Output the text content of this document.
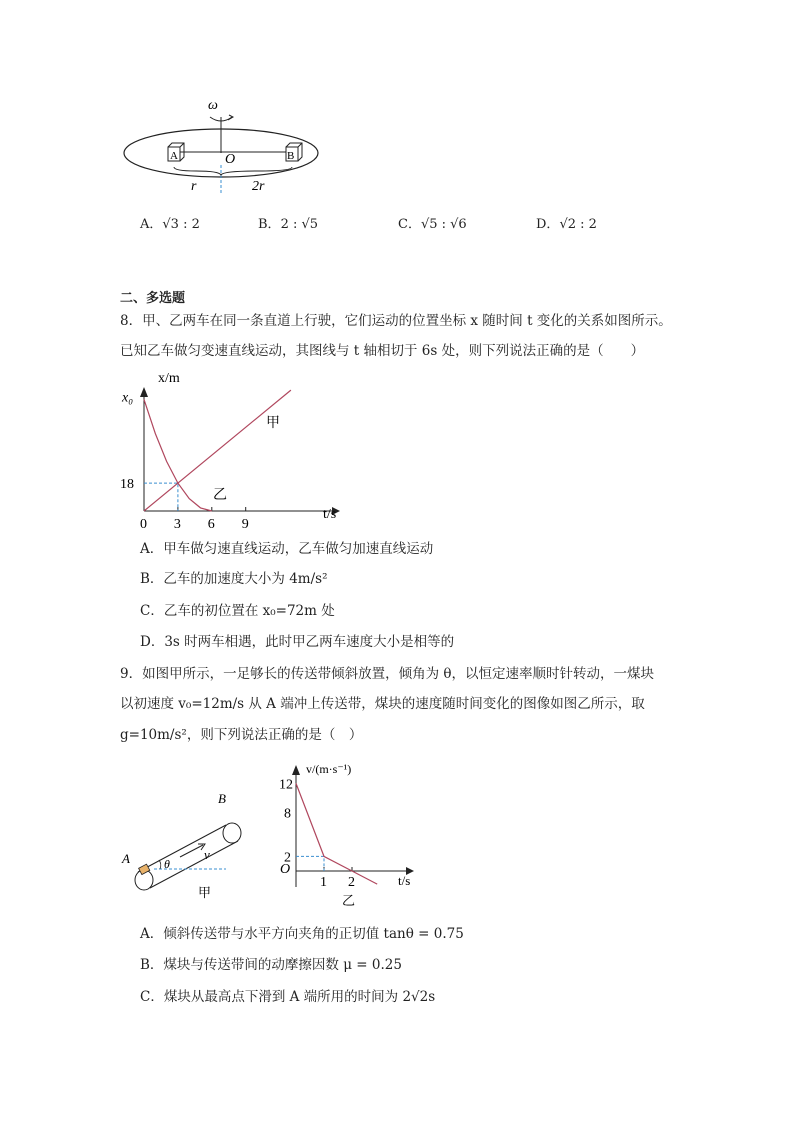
ω
A	B
O
r	2r
A．√3 : 2	B．2 : √5	C．√5 : √6	D．√2 : 2
二、多选题
8．甲、乙两车在同一条直道上行驶，它们运动的位置坐标 x 随时间 t 变化的关系如图所示。
已知乙车做匀变速直线运动，其图线与 t 轴相切于 6s 处，则下列说法正确的是（　　）
x/m
t/s
0 3 6 9
18
x₀
甲
乙
A．甲车做匀速直线运动，乙车做匀加速直线运动
B．乙车的加速度大小为 4m/s²
C．乙车的初位置在 x₀=72m 处
D．3s 时两车相遇，此时甲乙两车速度大小是相等的
9．如图甲所示，一足够长的传送带倾斜放置，倾角为 θ，以恒定速率顺时针转动，一煤块
以初速度 v₀=12m/s 从 A 端冲上传送带，煤块的速度随时间变化的图像如图乙所示，取
g=10m/s²，则下列说法正确的是（　）
v
B
A	θ
甲
v/(m·s⁻¹)
t/s
O
1 2
12
8
2
乙
A．倾斜传送带与水平方向夹角的正切值 tanθ = 0.75
B．煤块与传送带间的动摩擦因数 μ = 0.25
C．煤块从最高点下滑到 A 端所用的时间为 2√2s
